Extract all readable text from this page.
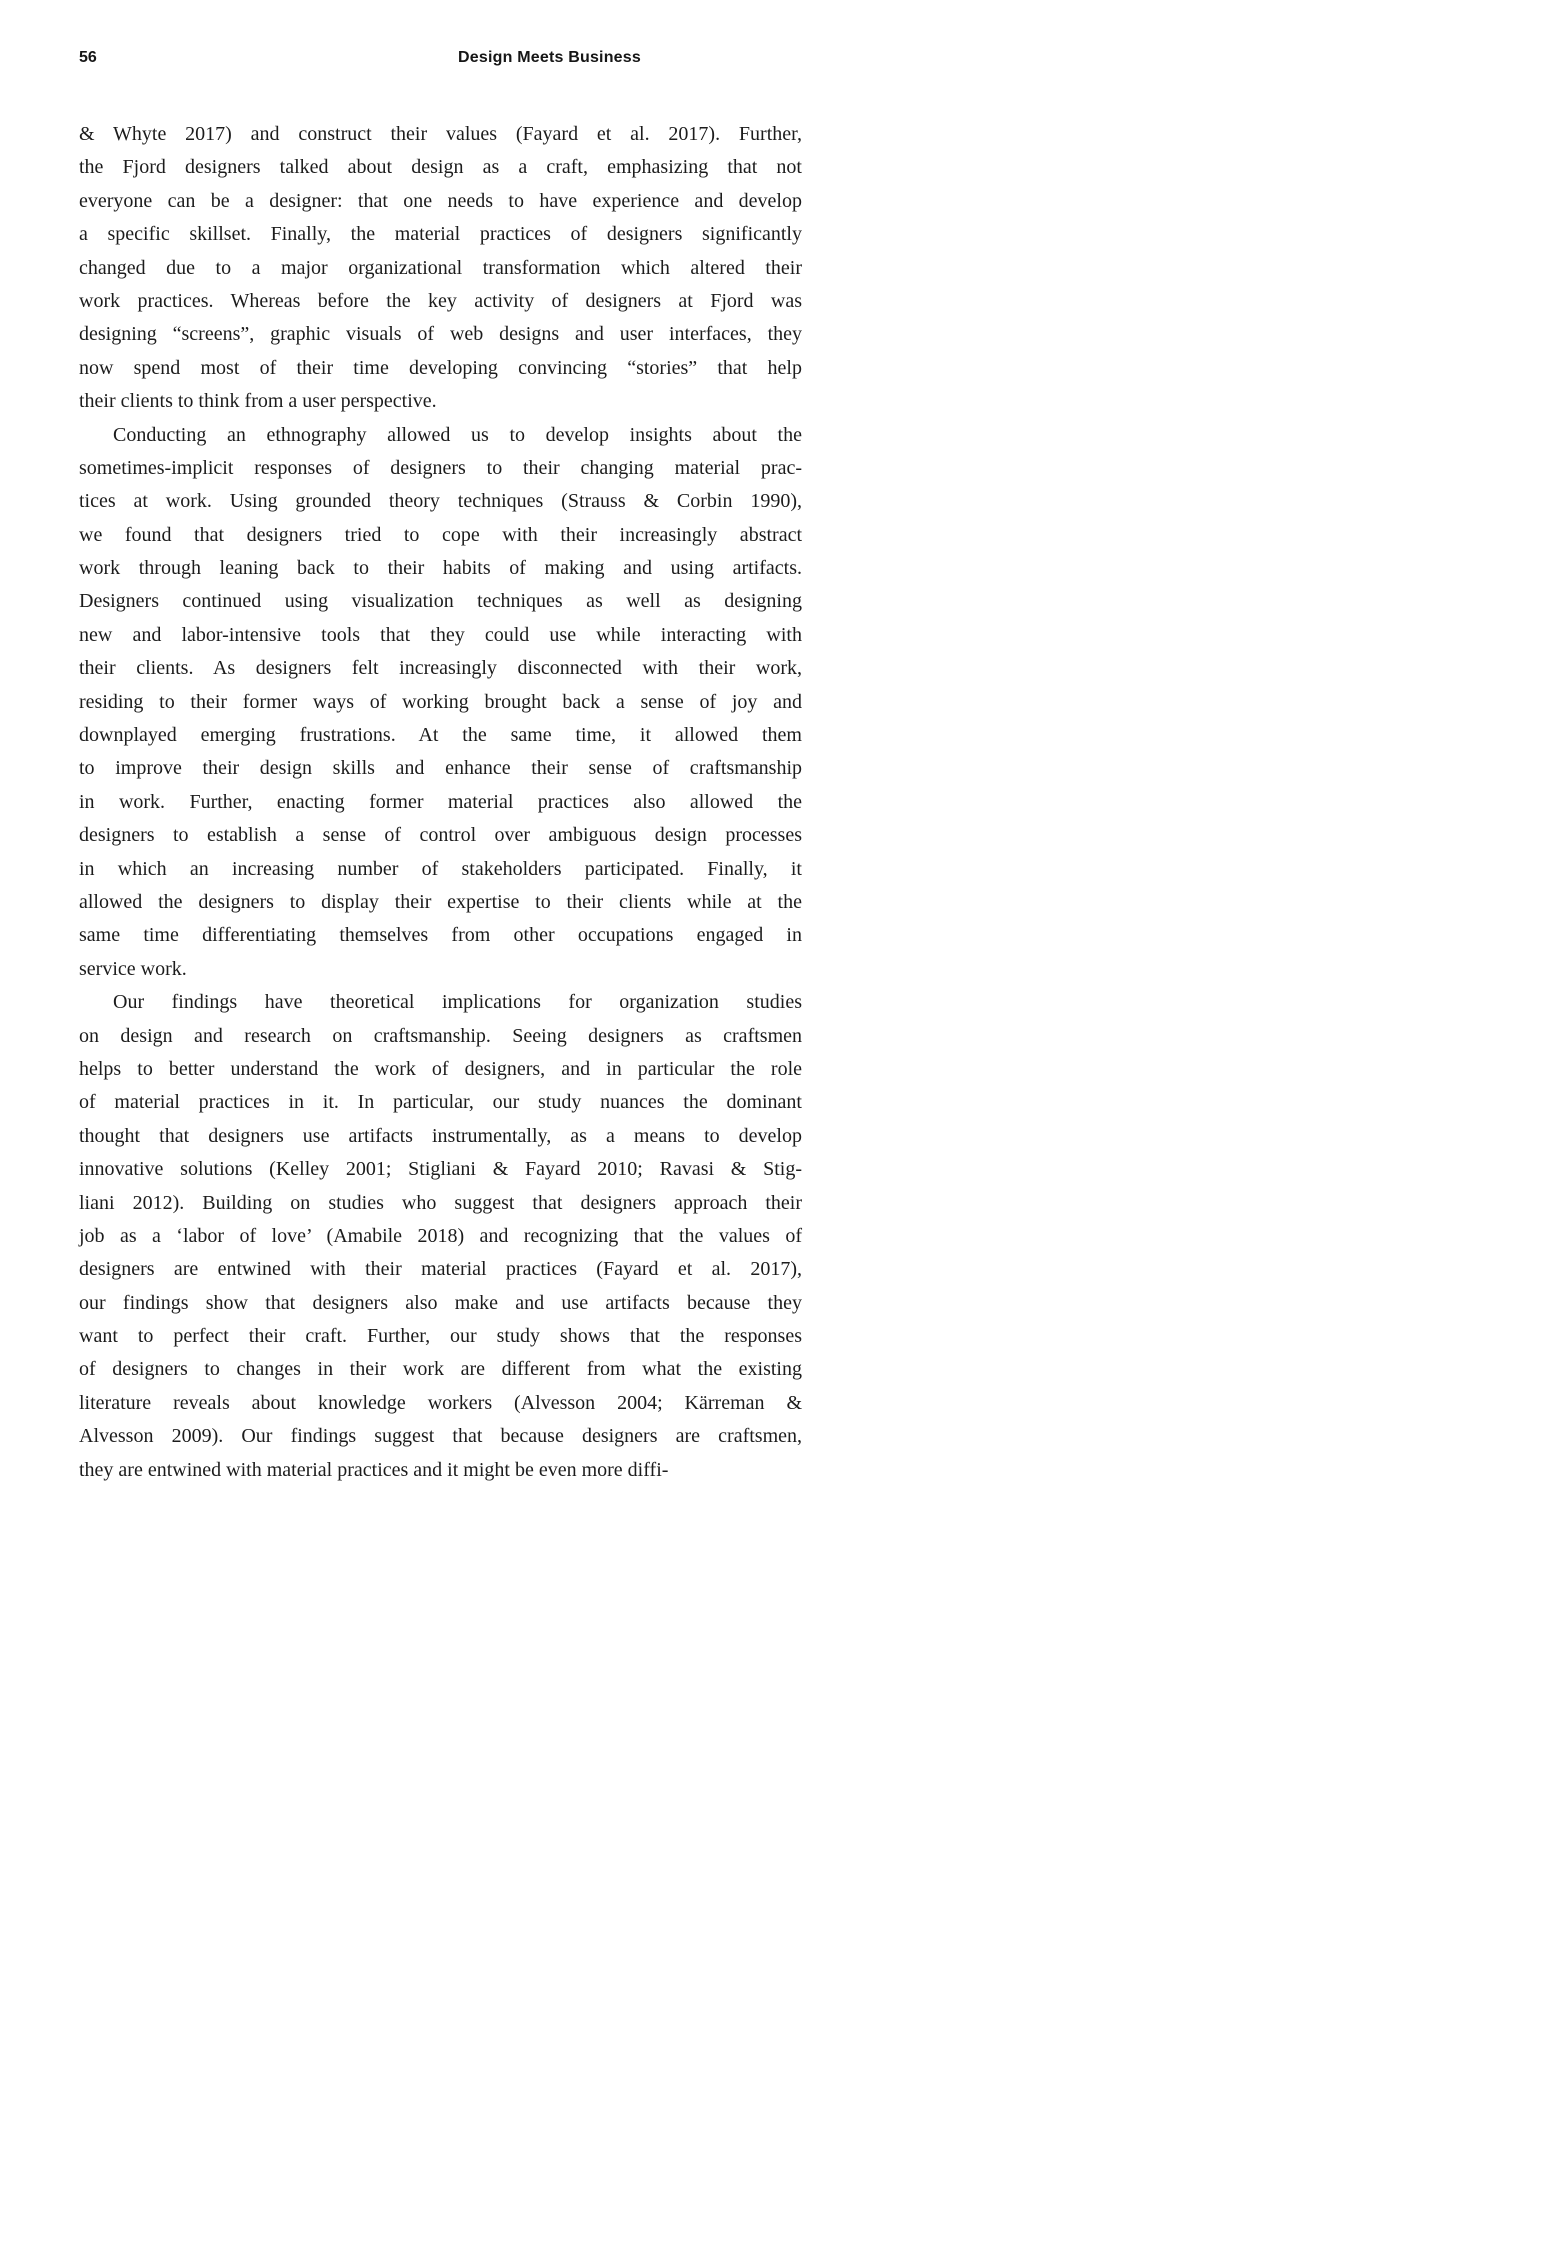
56	Design Meets Business
& Whyte 2017) and construct their values (Fayard et al. 2017). Further,
the Fjord designers talked about design as a craft, emphasizing that not
everyone can be a designer: that one needs to have experience and develop
a specific skillset. Finally, the material practices of designers significantly
changed due to a major organizational transformation which altered their
work practices. Whereas before the key activity of designers at Fjord was
designing “screens”, graphic visuals of web designs and user interfaces, they
now spend most of their time developing convincing “stories” that help
their clients to think from a user perspective.
Conducting an ethnography allowed us to develop insights about the
sometimes-implicit responses of designers to their changing material prac-
tices at work. Using grounded theory techniques (Strauss & Corbin 1990),
we found that designers tried to cope with their increasingly abstract
work through leaning back to their habits of making and using artifacts.
Designers continued using visualization techniques as well as designing
new and labor-intensive tools that they could use while interacting with
their clients. As designers felt increasingly disconnected with their work,
residing to their former ways of working brought back a sense of joy and
downplayed emerging frustrations. At the same time, it allowed them
to improve their design skills and enhance their sense of craftsmanship
in work. Further, enacting former material practices also allowed the
designers to establish a sense of control over ambiguous design processes
in which an increasing number of stakeholders participated. Finally, it
allowed the designers to display their expertise to their clients while at the
same time differentiating themselves from other occupations engaged in
service work.
Our findings have theoretical implications for organization studies
on design and research on craftsmanship. Seeing designers as craftsmen
helps to better understand the work of designers, and in particular the role
of material practices in it. In particular, our study nuances the dominant
thought that designers use artifacts instrumentally, as a means to develop
innovative solutions (Kelley 2001; Stigliani & Fayard 2010; Ravasi & Stig-
liani 2012). Building on studies who suggest that designers approach their
job as a ‘labor of love’ (Amabile 2018) and recognizing that the values of
designers are entwined with their material practices (Fayard et al. 2017),
our findings show that designers also make and use artifacts because they
want to perfect their craft. Further, our study shows that the responses
of designers to changes in their work are different from what the existing
literature reveals about knowledge workers (Alvesson 2004; Kärreman &
Alvesson 2009). Our findings suggest that because designers are craftsmen,
they are entwined with material practices and it might be even more diffi-
